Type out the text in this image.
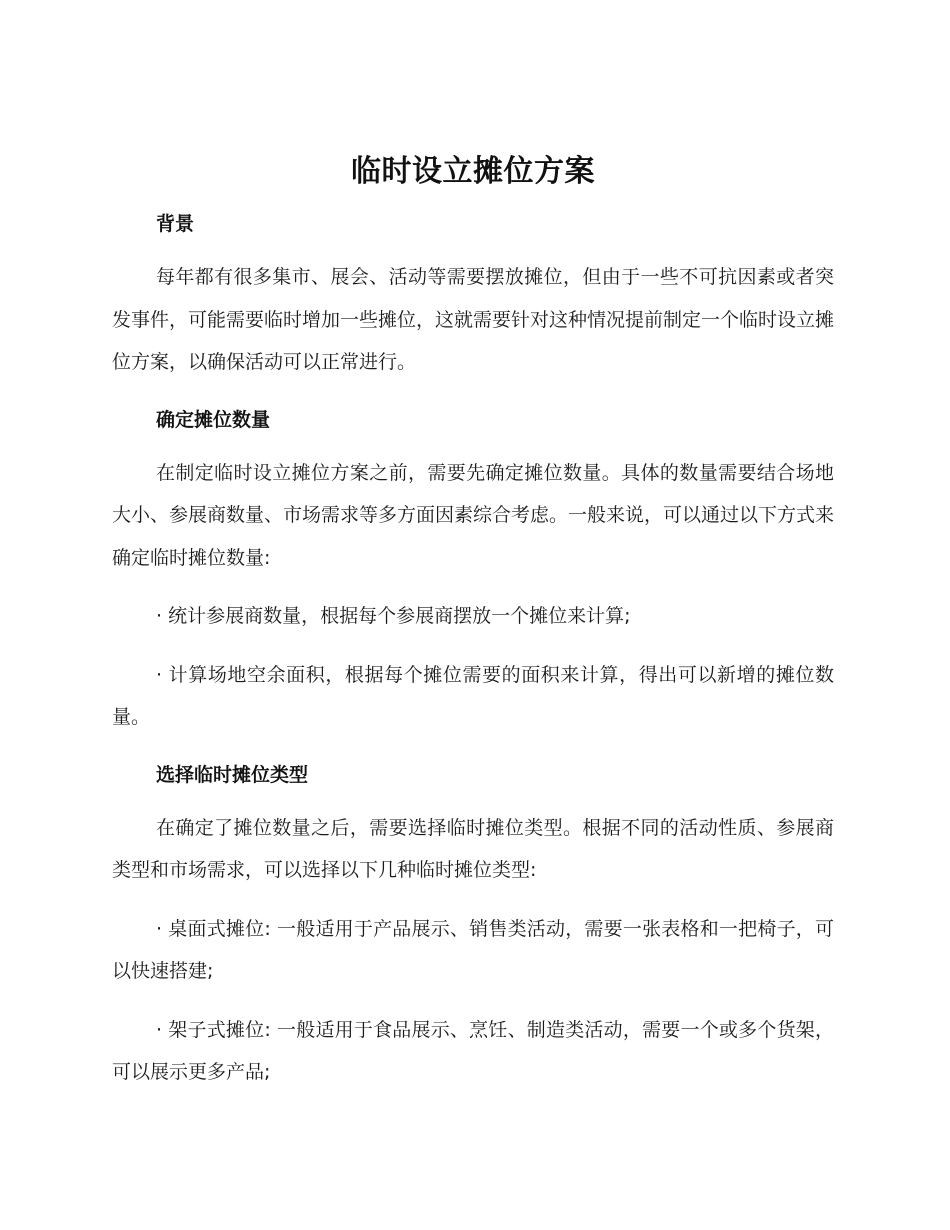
临时设立摊位方案
背景

每年都有很多集市、展会、活动等需要摆放摊位，但由于一些不可抗因素或者突发事件，可能需要临时增加一些摊位，这就需要针对这种情况提前制定一个临时设立摊位方案，以确保活动可以正常进行。

确定摊位数量

在制定临时设立摊位方案之前，需要先确定摊位数量。具体的数量需要结合场地大小、参展商数量、市场需求等多方面因素综合考虑。一般来说，可以通过以下方式来确定临时摊位数量:

· 统计参展商数量，根据每个参展商摆放一个摊位来计算;

· 计算场地空余面积，根据每个摊位需要的面积来计算，得出可以新增的摊位数量。

选择临时摊位类型

在确定了摊位数量之后，需要选择临时摊位类型。根据不同的活动性质、参展商类型和市场需求，可以选择以下几种临时摊位类型:

· 桌面式摊位: 一般适用于产品展示、销售类活动，需要一张表格和一把椅子，可以快速搭建;

· 架子式摊位: 一般适用于食品展示、烹饪、制造类活动，需要一个或多个货架，可以展示更多产品;
